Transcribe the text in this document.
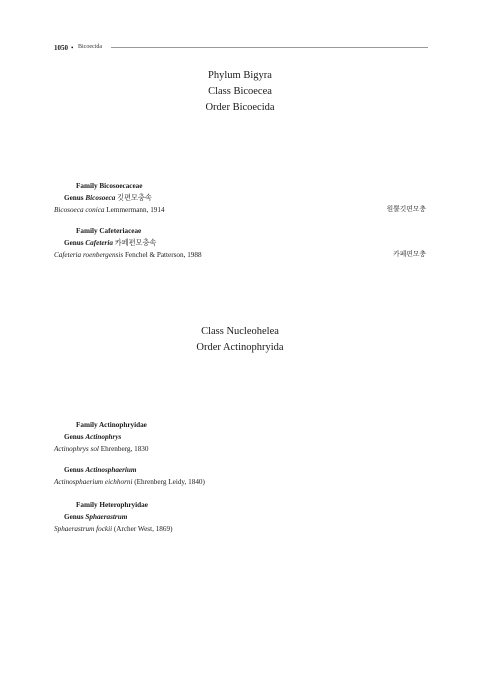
1050 • Bicoecida
Phylum Bigyra
Class Bicoecea
Order Bicoecida
Family Bicosoecaceae
Genus Bicosoeca 깃편모충속
Bicosoeca conica Lemmermann, 1914	원뿔깃편모충
Family Cafeteriaceae
Genus Cafeteria 카페편모충속
Cafeteria roenbergensis Fenchel & Patterson, 1988	카페편모충
Class Nucleohelea
Order Actinophryida
Family Actinophryidae
Genus Actinophrys
Actinophrys sol Ehrenberg, 1830
Genus Actinosphaerium
Actinosphaerium eichhorni (Ehrenberg Leidy, 1840)
Family Heterophryidae
Genus Sphaerastrum
Sphaerastrum fockii (Archer West, 1869)
